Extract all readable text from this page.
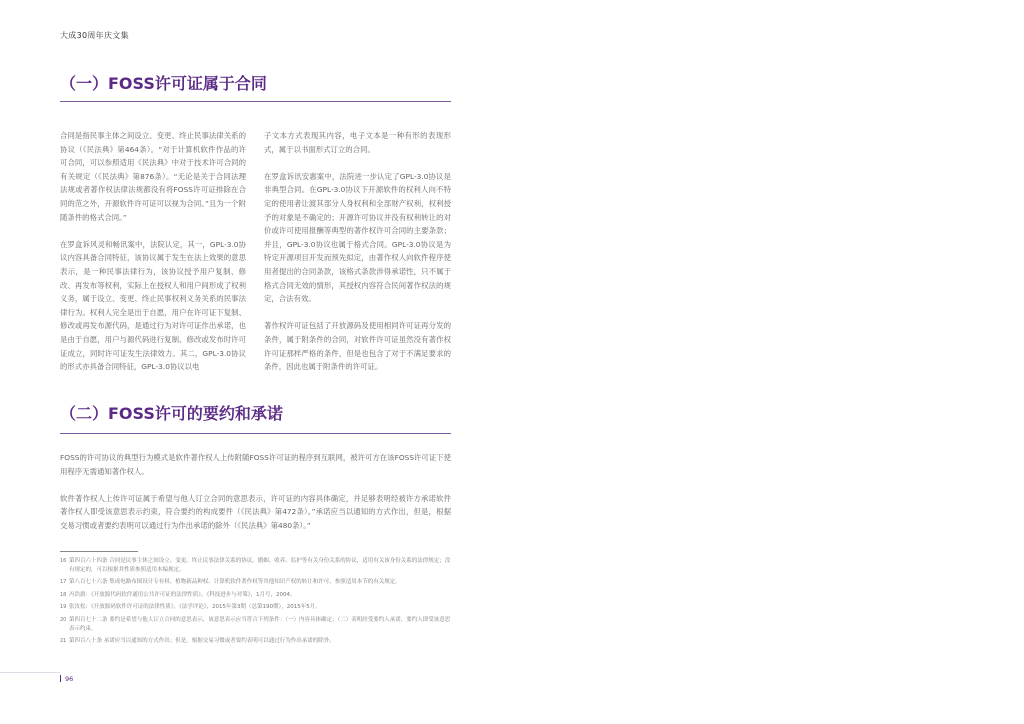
大成30周年庆文集
（一）FOSS许可证属于合同

合同是指民事主体之间设立、变更、终止民事法律关系的协议（《民法典》第464条）。“对于计算机软件作品的许可合同，可以参照适用《民法典》中对于技术许可合同的有关规定（《民法典》第876条）。“无论是关于合同法理法规或者著作权法律法规都没有将FOSS许可证排除在合同的范之外，开源软件许可证可以视为合同。”且为一个附随条件的格式合同。”

在罗盒诉风灵和畅讯案中，法院认定，其一，GPL-3.0协议内容具备合同特征，该协议属于发生在法上效果的意思表示，是一种民事法律行为，该协议授予用户复制、修改、再发布等权利，实际上在授权人和用户间形成了权利义务，属于设立、变更、终止民事权利义务关系的民事法律行为。权利人完全是出于自愿，用户在许可证下复制、修改或再发布源代码，是通过行为对许可证作出承诺，也是由于自愿，用户与源代码进行复制、修改或发布时许可证成立，同时许可证发生法律效力。其二，GPL-3.0协议的形式亦具备合同特征，GPL-3.0协议以电

子文本方式表现其内容，电子文本是一种有形的表现形式，属于以书面形式订立的合同。

在罗盒诉讯安惠案中，法院进一步认定了GPL-3.0协议是非典型合同。在GPL-3.0协议下开源软件的权利人向不特定的使用者让渡其部分人身权利和全部财产权利，权利授予的对象是不确定的；开源许可协议并没有权利转让的对价或许可使用报酬等典型的著作权许可合同的主要条款；并且，GPL-3.0协议也属于格式合同。GPL-3.0协议是为特定开源项目开发而预先拟定，由著作权人向软件程序使用者提出的合同条款，该格式条款涉得承诺性，只不属于格式合同无效的情形，其授权内容符合民间著作权法的规定，合法有效。

著作权许可证包括了开放源码及使用相同许可证再分发的条件，属于附条件的合同，对软件许可证虽然没有著作权许可证那样严格的条件，但是也包含了对于不满足要求的条件，因此也属于附条件的许可证。

（二）FOSS许可的要约和承诺

FOSS的许可协议的典型行为模式是软件著作权人上传附随FOSS许可证的程序到互联网，被许可方在该FOSS许可证下使用程序无需通知著作权人。

软件著作权人上传许可证属于希望与他人订立合同的意思表示，许可证的内容具体确定，并足够表明经被许方承诺软件著作权人即受该意思表示约束，符合要约的构成要件（《民法典》第472条）。”承诺应当以通知的方式作出，但是，根据交易习惯或者要约表明可以通过行为作出承诺的除外（《民法典》第480条）。”

16 第四百六十四条 合同是民事主体之间设立、变更、终止民事法律关系的协议。婚姻、收养、监护等有关身份关系的协议，适用有关该身份关系的法律规定；没有规定的，可以根据其性质参照适用本编规定。
17 第八百七十六条 集成电路布图设计专有权、植物新品种权、计算机软件著作权等其他知识产权的转让和许可，参照适用本节的有关规定。
18 冯浩旗：《开放源代码软件通用公共许可证的法律性质》，《科技进步与对策》，1月号，2004。
19 张汝松：《开放源码软件许可证的法律性质》，《法学评论》，2015年第3期（总第190期），2015年5月。
20 第四百七十二条 要约是希望与他人订立合同的意思表示，该意思表示应当符合下列条件：（一）内容具体确定；（二）表明经受要约人承诺，要约人即受该意思表示约束。
21 第四百八十条 承诺应当以通知的方式作出；但是，根据交易习惯或者要约表明可以通过行为作出承诺的除外。
96
